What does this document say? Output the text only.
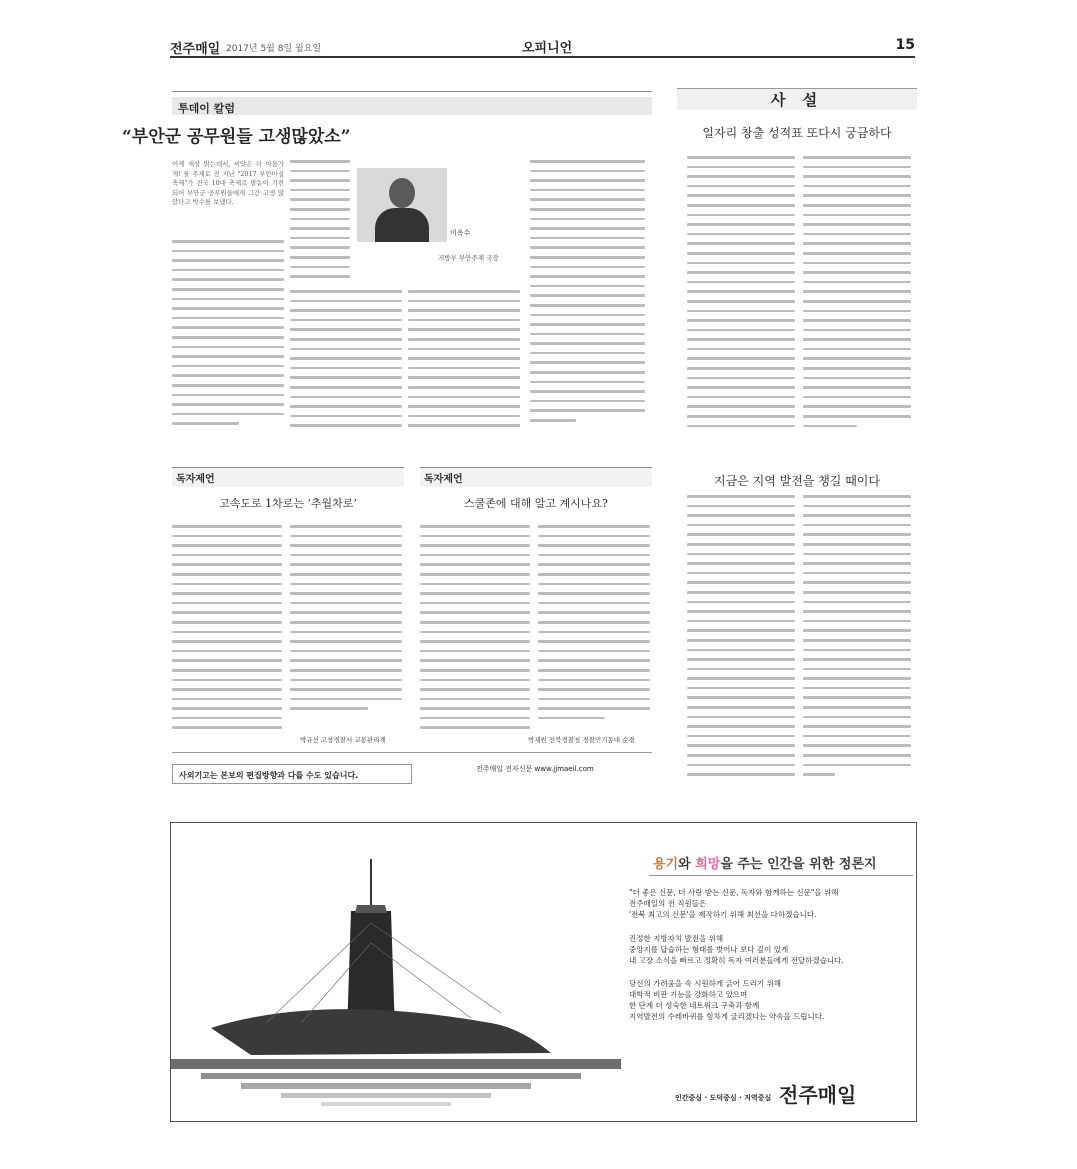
전주매일 2017년 5월 8일 월요일	오피니언	15
투데이 칼럼
“부안군 공무원들 고생많았소”

어제 세상 밝는데서, 씨앗은 더 마을가게! 를 주제로 전 지난 "2017 부안마실축제"가 전국 10대 축제로 발돋이 기련되어 부안군 공무원들에게 그간 고생 많았다고 박수를 보냈다.

이옥수
지방부 부안주재 국장
사 설
일자리 창출 성적표 또다시 궁금하다
지금은 지역 발전을 챙길 때이다
독자제언
고속도로 1차로는 ‘추월차로’
박규선 고창경찰서 교통관리계
독자제언
스쿨존에 대해 알고 계시나요?
박재원 전북경찰청 경찰민기동대 순경
사외기고는 본보의 편집방향과 다를 수도 있습니다.
전주매일 전자신문 www.jjmaeil.com
용기와 희망을 주는 인간을 위한 정론지
"더 좋은 신문, 더 사랑 받는 신문, 독자와 함께하는 신문"을 위해
전주매일의 전 직원들은
'전북 최고의 신문'을 제작하기 위해 최선을 다하겠습니다.
진정한 지방자치 발전을 위해
중앙지를 답습하는 형태를 벗어나 보다 깊이 있게
내 고장 소식을 빠르고 정확히 독자 여러분들에게 전달하겠습니다.
당신의 가려움을 속 시원하게 긁어 드리기 위해
대학적 비판 기능을 강화하고 있으며
한 단계 더 성숙한 네트워크 구축과 함께
지역발전의 수레바퀴를 힘차게 굴리겠다는 약속을 드립니다.
인간중심 · 도덕중심 · 지역중심 전주매일
